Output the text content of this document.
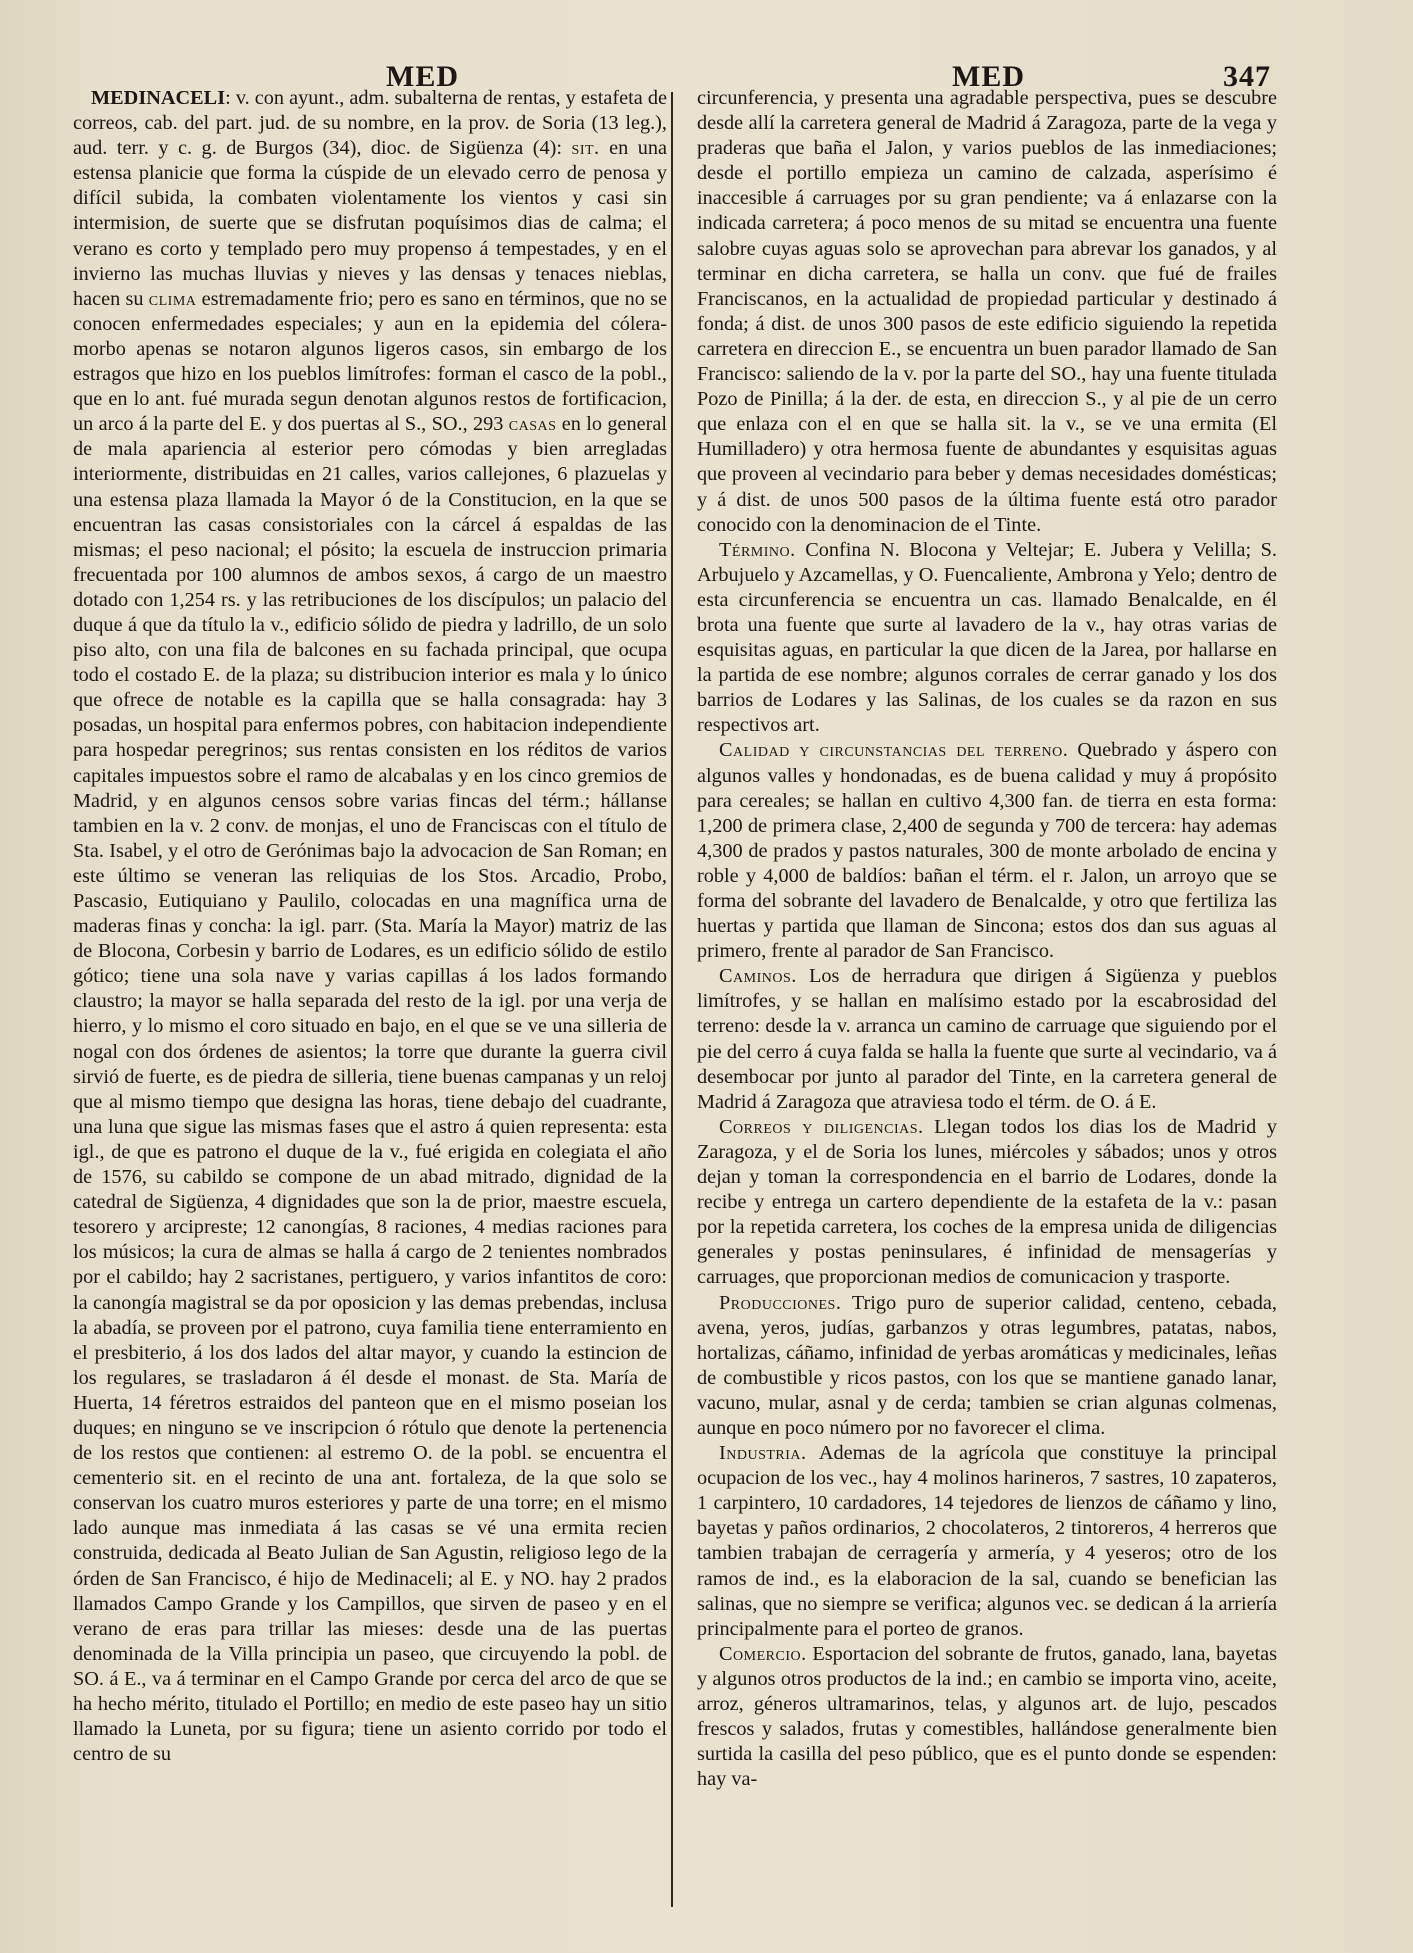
MED	MED	347

MEDINACELI: v. con ayunt., adm. subalterna de rentas, y estafeta de correos, cab. del part. jud. de su nombre, en la prov. de Soria (13 leg.), aud. terr. y c. g. de Burgos (34), dioc. de Sigüenza (4): sit. en una estensa planicie que forma la cúspide de un elevado cerro de penosa y difícil subida, la combaten violentamente los vientos y casi sin intermision, de suerte que se disfrutan poquísimos dias de calma; el verano es corto y templado pero muy propenso á tempestades, y en el invierno las muchas lluvias y nieves y las densas y tenaces nieblas, hacen su clima estremadamente frio; pero es sano en términos, que no se conocen enfermedades especiales; y aun en la epidemia del cólera-morbo apenas se notaron algunos ligeros casos, sin embargo de los estragos que hizo en los pueblos limítrofes: forman el casco de la pobl., que en lo ant. fué murada segun denotan algunos restos de fortificacion, un arco á la parte del E. y dos puertas al S., SO., 293 casas en lo general de mala apariencia al esterior pero cómodas y bien arregladas interiormente, distribuidas en 21 calles, varios callejones, 6 plazuelas y una estensa plaza llamada la Mayor ó de la Constitucion, en la que se encuentran las casas consistoriales con la cárcel á espaldas de las mismas; el peso nacional; el pósito; la escuela de instruccion primaria frecuentada por 100 alumnos de ambos sexos, á cargo de un maestro dotado con 1,254 rs. y las retribuciones de los discípulos; un palacio del duque á que da título la v., edificio sólido de piedra y ladrillo, de un solo piso alto, con una fila de balcones en su fachada principal, que ocupa todo el costado E. de la plaza; su distribucion interior es mala y lo único que ofrece de notable es la capilla que se halla consagrada: hay 3 posadas, un hospital para enfermos pobres, con habitacion independiente para hospedar peregrinos; sus rentas consisten en los réditos de varios capitales impuestos sobre el ramo de alcabalas y en los cinco gremios de Madrid, y en algunos censos sobre varias fincas del térm.; hállanse tambien en la v. 2 conv. de monjas, el uno de Franciscas con el título de Sta. Isabel, y el otro de Gerónimas bajo la advocacion de San Roman; en este último se veneran las reliquias de los Stos. Arcadio, Probo, Pascasio, Eutiquiano y Paulilo, colocadas en una magnífica urna de maderas finas y concha: la igl. parr. (Sta. María la Mayor) matriz de las de Blocona, Corbesin y barrio de Lodares, es un edificio sólido de estilo gótico; tiene una sola nave y varias capillas á los lados formando claustro; la mayor se halla separada del resto de la igl. por una verja de hierro, y lo mismo el coro situado en bajo, en el que se ve una silleria de nogal con dos órdenes de asientos; la torre que durante la guerra civil sirvió de fuerte, es de piedra de silleria, tiene buenas campanas y un reloj que al mismo tiempo que designa las horas, tiene debajo del cuadrante, una luna que sigue las mismas fases que el astro á quien representa: esta igl., de que es patrono el duque de la v., fué erigida en colegiata el año de 1576, su cabildo se compone de un abad mitrado, dignidad de la catedral de Sigüenza, 4 dignidades que son la de prior, maestre escuela, tesorero y arcipreste; 12 canongías, 8 raciones, 4 medias raciones para los músicos; la cura de almas se halla á cargo de 2 tenientes nombrados por el cabildo; hay 2 sacristanes, pertiguero, y varios infantitos de coro: la canongía magistral se da por oposicion y las demas prebendas, inclusa la abadía, se proveen por el patrono, cuya familia tiene enterramiento en el presbiterio, á los dos lados del altar mayor, y cuando la estincion de los regulares, se trasladaron á él desde el monast. de Sta. María de Huerta, 14 féretros estraidos del panteon que en el mismo poseian los duques; en ninguno se ve inscripcion ó rótulo que denote la pertenencia de los restos que contienen: al estremo O. de la pobl. se encuentra el cementerio sit. en el recinto de una ant. fortaleza, de la que solo se conservan los cuatro muros esteriores y parte de una torre; en el mismo lado aunque mas inmediata á las casas se vé una ermita recien construida, dedicada al Beato Julian de San Agustin, religioso lego de la órden de San Francisco, é hijo de Medinaceli; al E. y NO. hay 2 prados llamados Campo Grande y los Campillos, que sirven de paseo y en el verano de eras para trillar las mieses: desde una de las puertas denominada de la Villa principia un paseo, que circuyendo la pobl. de SO. á E., va á terminar en el Campo Grande por cerca del arco de que se ha hecho mérito, titulado el Portillo; en medio de este paseo hay un sitio llamado la Luneta, por su figura; tiene un asiento corrido por todo el centro de su

circunferencia, y presenta una agradable perspectiva, pues se descubre desde allí la carretera general de Madrid á Zaragoza, parte de la vega y praderas que baña el Jalon, y varios pueblos de las inmediaciones; desde el portillo empieza un camino de calzada, asperísimo é inaccesible á carruages por su gran pendiente; va á enlazarse con la indicada carretera; á poco menos de su mitad se encuentra una fuente salobre cuyas aguas solo se aprovechan para abrevar los ganados, y al terminar en dicha carretera, se halla un conv. que fué de frailes Franciscanos, en la actualidad de propiedad particular y destinado á fonda; á dist. de unos 300 pasos de este edificio siguiendo la repetida carretera en direccion E., se encuentra un buen parador llamado de San Francisco: saliendo de la v. por la parte del SO., hay una fuente titulada Pozo de Pinilla; á la der. de esta, en direccion S., y al pie de un cerro que enlaza con el en que se halla sit. la v., se ve una ermita (El Humilladero) y otra hermosa fuente de abundantes y esquisitas aguas que proveen al vecindario para beber y demas necesidades domésticas; y á dist. de unos 500 pasos de la última fuente está otro parador conocido con la denominacion de el Tinte.

Término. Confina N. Blocona y Veltejar; E. Jubera y Velilla; S. Arbujuelo y Azcamellas, y O. Fuencaliente, Ambrona y Yelo; dentro de esta circunferencia se encuentra un cas. llamado Benalcalde, en él brota una fuente que surte al lavadero de la v., hay otras varias de esquisitas aguas, en particular la que dicen de la Jarea, por hallarse en la partida de ese nombre; algunos corrales de cerrar ganado y los dos barrios de Lodares y las Salinas, de los cuales se da razon en sus respectivos art.

Calidad y circunstancias del terreno. Quebrado y áspero con algunos valles y hondonadas, es de buena calidad y muy á propósito para cereales; se hallan en cultivo 4,300 fan. de tierra en esta forma: 1,200 de primera clase, 2,400 de segunda y 700 de tercera: hay ademas 4,300 de prados y pastos naturales, 300 de monte arbolado de encina y roble y 4,000 de baldíos: bañan el térm. el r. Jalon, un arroyo que se forma del sobrante del lavadero de Benalcalde, y otro que fertiliza las huertas y partida que llaman de Sinconа; estos dos dan sus aguas al primero, frente al parador de San Francisco.

Caminos. Los de herradura que dirigen á Sigüenza y pueblos limítrofes, y se hallan en malísimo estado por la escabrosidad del terreno: desde la v. arranca un camino de carruage que siguiendo por el pie del cerro á cuya falda se halla la fuente que surte al vecindario, va á desembocar por junto al parador del Tinte, en la carretera general de Madrid á Zaragoza que atraviesa todo el térm. de O. á E.

Correos y diligencias. Llegan todos los dias los de Madrid y Zaragoza, y el de Soria los lunes, miércoles y sábados; unos y otros dejan y toman la correspondencia en el barrio de Lodares, donde la recibe y entrega un cartero dependiente de la estafeta de la v.: pasan por la repetida carretera, los coches de la empresa unida de diligencias generales y postas peninsulares, é infinidad de mensagerías y carruages, que proporcionan medios de comunicacion y trasporte.

Producciones. Trigo puro de superior calidad, centeno, cebada, avena, yeros, judías, garbanzos y otras legumbres, patatas, nabos, hortalizas, cáñamo, infinidad de yerbas aromáticas y medicinales, leñas de combustible y ricos pastos, con los que se mantiene ganado lanar, vacuno, mular, asnal y de cerda; tambien se crian algunas colmenas, aunque en poco número por no favorecer el clima.

Industria. Ademas de la agrícola que constituye la principal ocupacion de los vec., hay 4 molinos harineros, 7 sastres, 10 zapateros, 1 carpintero, 10 cardadores, 14 tejedores de lienzos de cáñamo y lino, bayetas y paños ordinarios, 2 chocolateros, 2 tintoreros, 4 herreros que tambien trabajan de cerragería y armería, y 4 yeseros; otro de los ramos de ind., es la elaboracion de la sal, cuando se benefician las salinas, que no siempre se verifica; algunos vec. se dedican á la arriería principalmente para el porteo de granos.

Comercio. Esportacion del sobrante de frutos, ganado, lana, bayetas y algunos otros productos de la ind.; en cambio se importa vino, aceite, arroz, géneros ultramarinos, telas, y algunos art. de lujo, pescados frescos y salados, frutas y comestibles, hallándose generalmente bien surtida la casilla del peso público, que es el punto donde se espenden: hay va-
